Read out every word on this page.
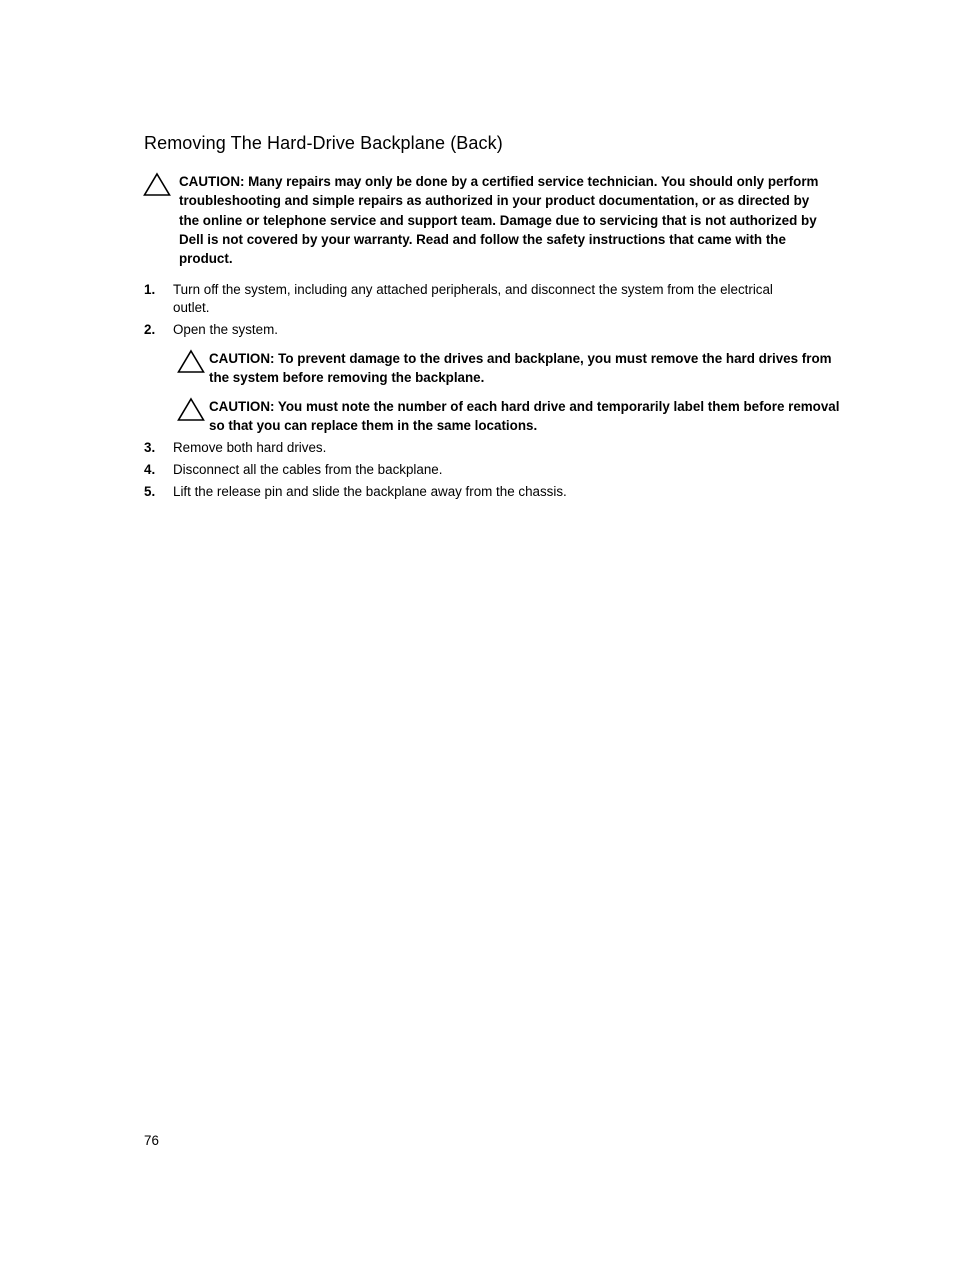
Removing The Hard-Drive Backplane (Back)
CAUTION: Many repairs may only be done by a certified service technician. You should only perform troubleshooting and simple repairs as authorized in your product documentation, or as directed by the online or telephone service and support team. Damage due to servicing that is not authorized by Dell is not covered by your warranty. Read and follow the safety instructions that came with the product.
1.	Turn off the system, including any attached peripherals, and disconnect the system from the electrical outlet.
2.	Open the system.
CAUTION: To prevent damage to the drives and backplane, you must remove the hard drives from the system before removing the backplane.
CAUTION: You must note the number of each hard drive and temporarily label them before removal so that you can replace them in the same locations.
3.	Remove both hard drives.
4.	Disconnect all the cables from the backplane.
5.	Lift the release pin and slide the backplane away from the chassis.
76
